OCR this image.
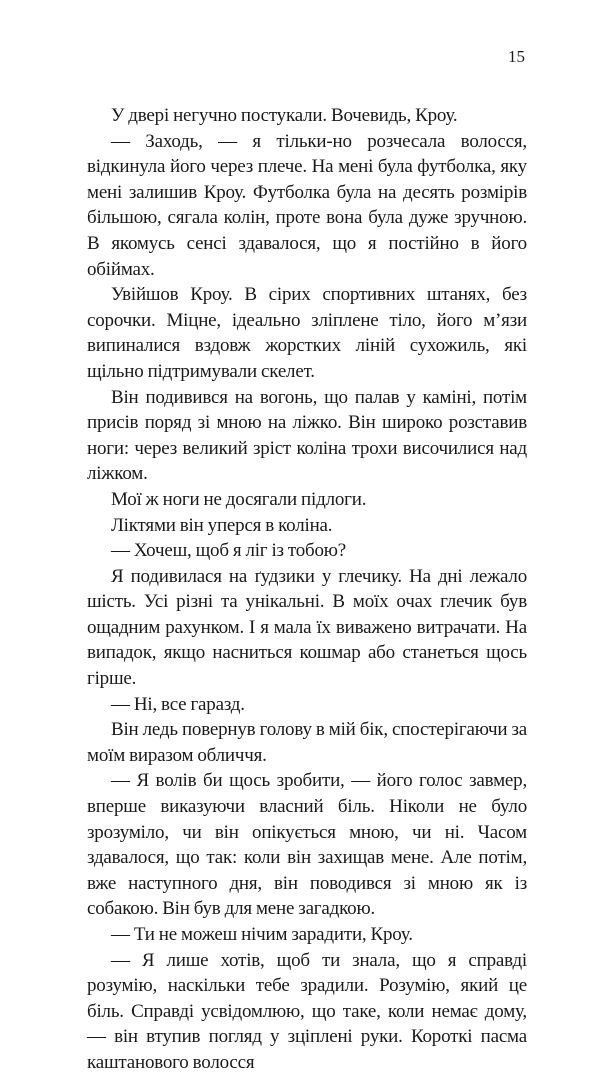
15

У двері негучно постукали. Вочевидь, Кроу.

— Заходь, — я тільки-но розчесала волосся, відкинула його через плече. На мені була футболка, яку мені залишив Кроу. Футболка була на десять розмірів більшою, сягала колін, проте вона була дуже зручною. В якомусь сенсі здавалося, що я постійно в його обіймах.

Увійшов Кроу. В сірих спортивних штанях, без сорочки. Міцне, ідеально зліплене тіло, його м’язи випиналися вздовж жорстких ліній сухожиль, які щільно підтримували скелет.

Він подивився на вогонь, що палав у каміні, потім присів поряд зі мною на ліжко. Він широко розставив ноги: через великий зріст коліна трохи височилися над ліжком.

Мої ж ноги не досягали підлоги.

Ліктями він уперся в коліна.

— Хочеш, щоб я ліг із тобою?

Я подивилася на ґудзики у глечику. На дні лежало шість. Усі різні та унікальні. В моїх очах глечик був ощадним рахунком. І я мала їх виважено витрачати. На випадок, якщо насниться кошмар або станеться щось гірше.

— Ні, все гаразд.

Він ледь повернув голову в мій бік, спостерігаючи за моїм виразом обличчя.

— Я волів би щось зробити, — його голос завмер, вперше виказуючи власний біль. Ніколи не було зрозуміло, чи він опікується мною, чи ні. Часом здавалося, що так: коли він захищав мене. Але потім, вже наступного дня, він поводився зі мною як із собакою. Він був для мене загадкою.

— Ти не можеш нічим зарадити, Кроу.

— Я лише хотів, щоб ти знала, що я справді розумію, наскільки тебе зрадили. Розумію, який це біль. Справді усвідомлюю, що таке, коли немає дому, — він втупив погляд у зціплені руки. Короткі пасма каштанового волосся
